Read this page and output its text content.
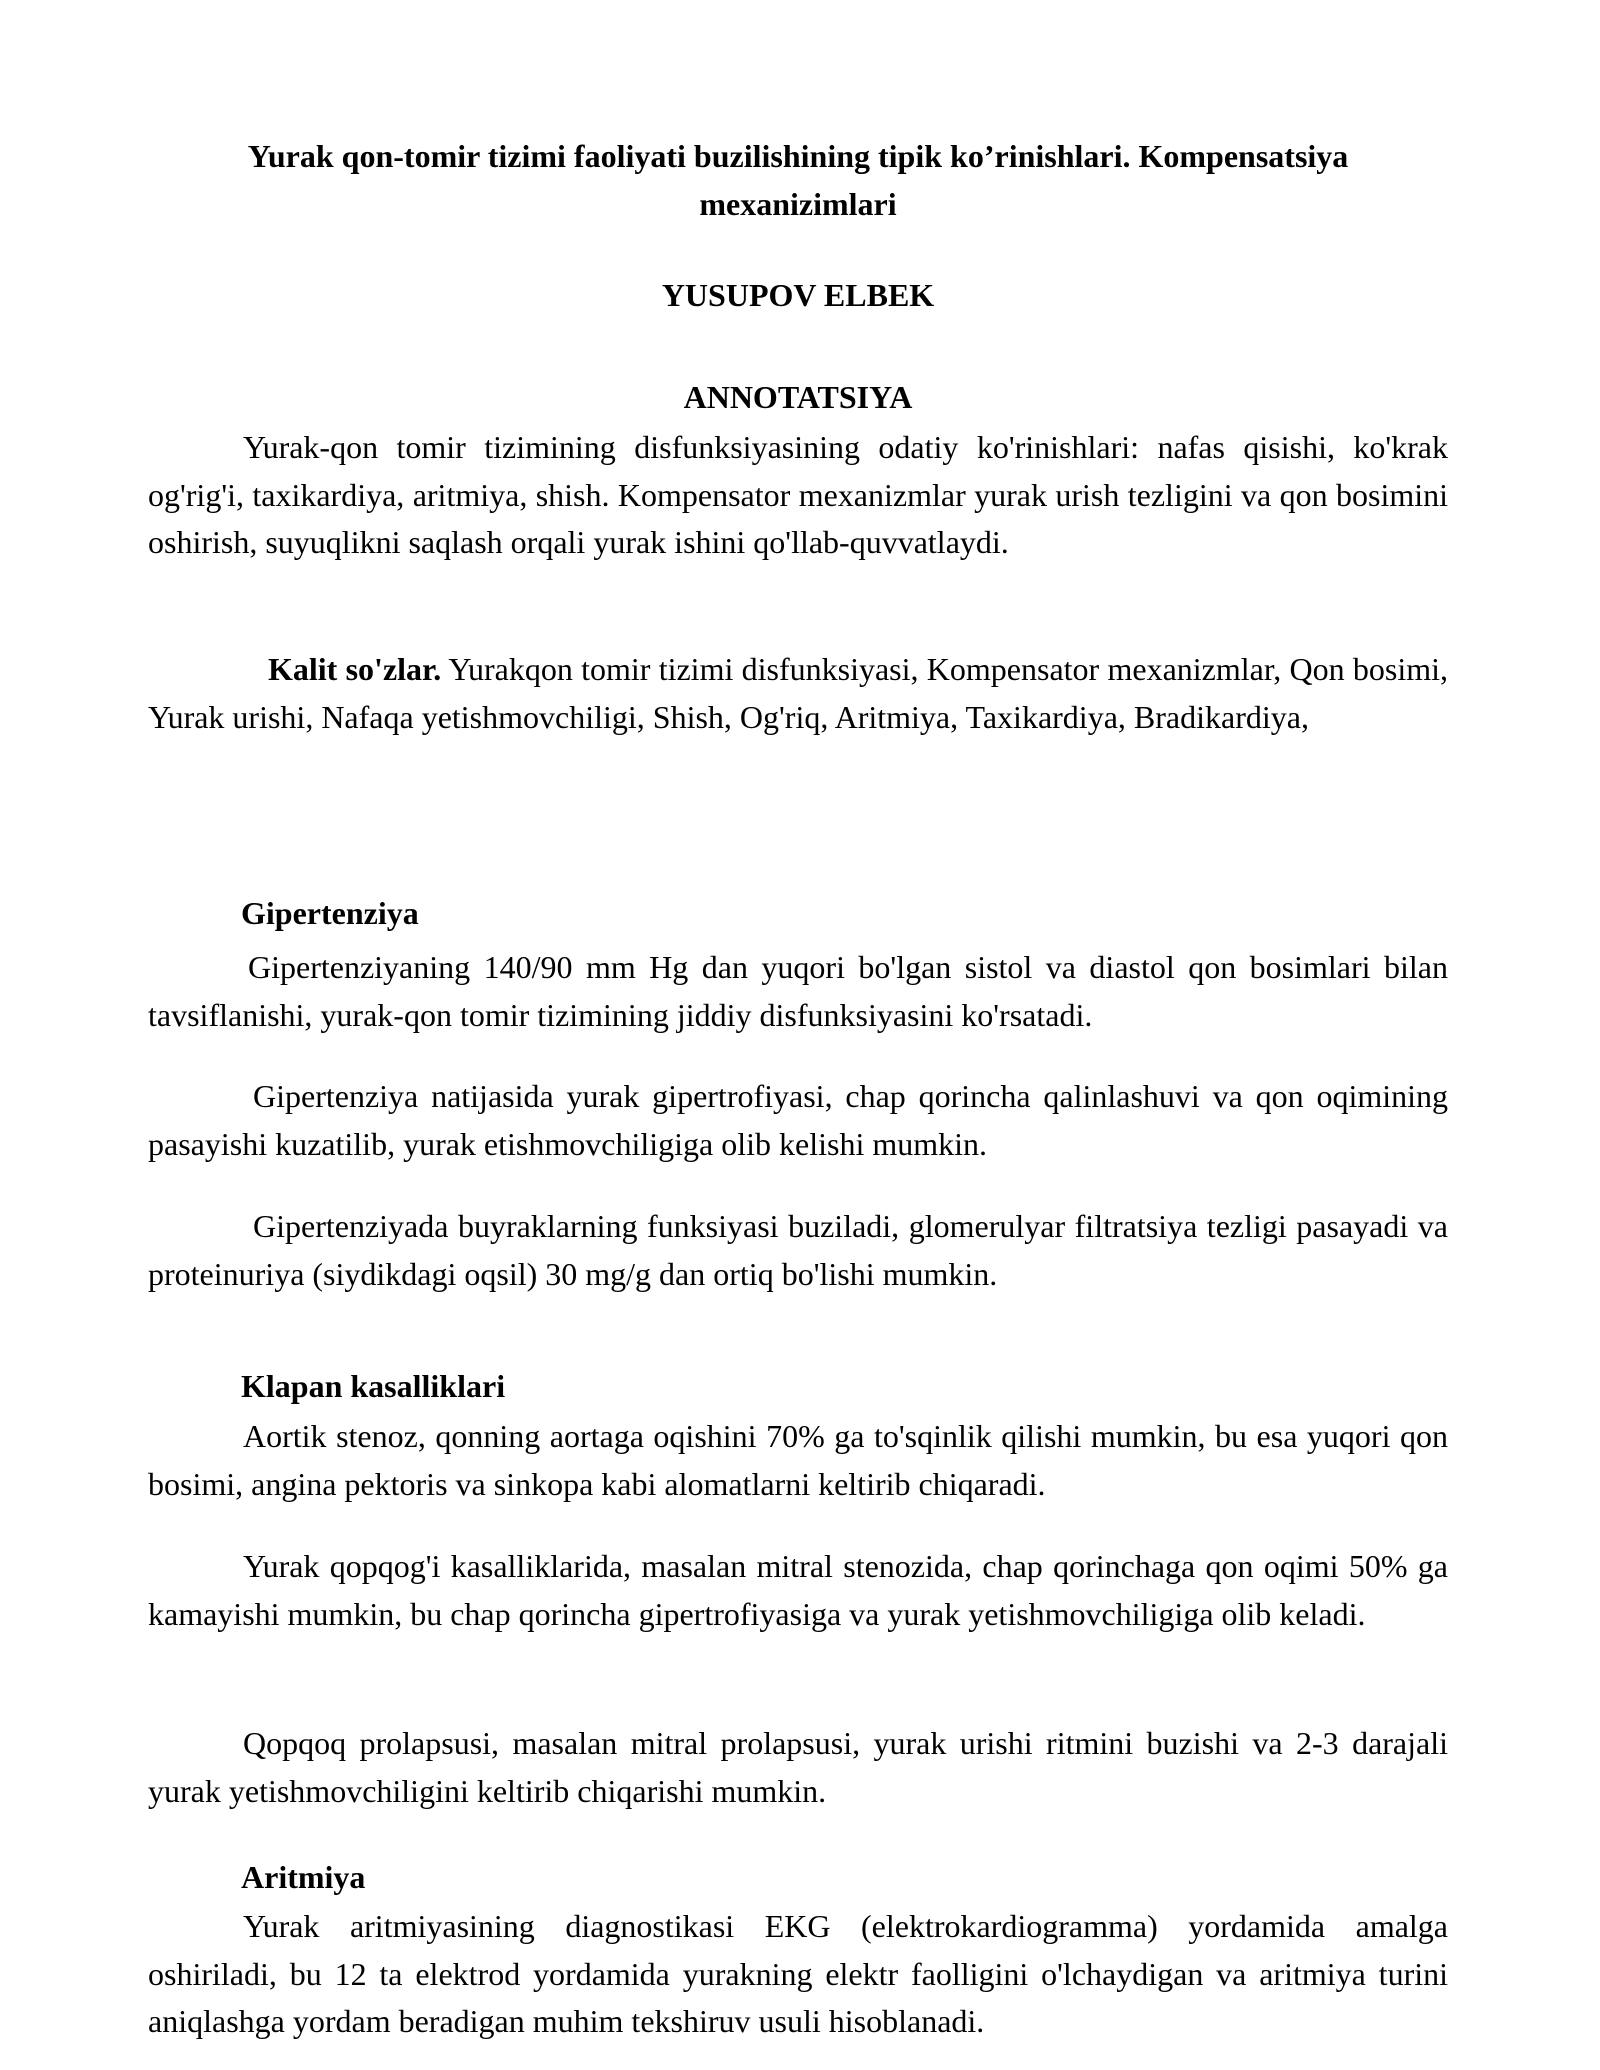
Yurak qon-tomir tizimi faoliyati buzilishining tipik ko’rinishlari. Kompensatsiya mexanizimlari
YUSUPOV ELBEK
ANNOTATSIYA

Yurak-qon tomir tizimining disfunksiyasining odatiy ko'rinishlari: nafas qisishi, ko'krak og'rig'i, taxikardiya, aritmiya, shish. Kompensator mexanizmlar yurak urish tezligini va qon bosimini oshirish, suyuqlikni saqlash orqali yurak ishini qo'llab-quvvatlaydi.

Kalit so'zlar. Yurakqon tomir tizimi disfunksiyasi, Kompensator mexanizmlar, Qon bosimi, Yurak urishi, Nafaqa yetishmovchiligi, Shish, Og'riq, Aritmiya, Taxikardiya, Bradikardiya,

Gipertenziya

Gipertenziyaning 140/90 mm Hg dan yuqori bo'lgan sistol va diastol qon bosimlari bilan tavsiflanishi, yurak-qon tomir tizimining jiddiy disfunksiyasini ko'rsatadi.

Gipertenziya natijasida yurak gipertrofiyasi, chap qorincha qalinlashuvi va qon oqimining pasayishi kuzatilib, yurak etishmovchiligiga olib kelishi mumkin.

Gipertenziyada buyraklarning funksiyasi buziladi, glomerulyar filtratsiya tezligi pasayadi va proteinuriya (siydikdagi oqsil) 30 mg/g dan ortiq bo'lishi mumkin.

Klapan kasalliklari

Aortik stenoz, qonning aortaga oqishini 70% ga to'sqinlik qilishi mumkin, bu esa yuqori qon bosimi, angina pektoris va sinkopa kabi alomatlarni keltirib chiqaradi.

Yurak qopqog'i kasalliklarida, masalan mitral stenozida, chap qorinchaga qon oqimi 50% ga kamayishi mumkin, bu chap qorincha gipertrofiyasiga va yurak yetishmovchiligiga olib keladi.

Qopqoq prolapsusi, masalan mitral prolapsusi, yurak urishi ritmini buzishi va 2-3 darajali yurak yetishmovchiligini keltirib chiqarishi mumkin.

Aritmiya

Yurak aritmiyasining diagnostikasi EKG (elektrokardiogramma) yordamida amalga oshiriladi, bu 12 ta elektrod yordamida yurakning elektr faolligini o'lchaydigan va aritmiya turini aniqlashga yordam beradigan muhim tekshiruv usuli hisoblanadi.
